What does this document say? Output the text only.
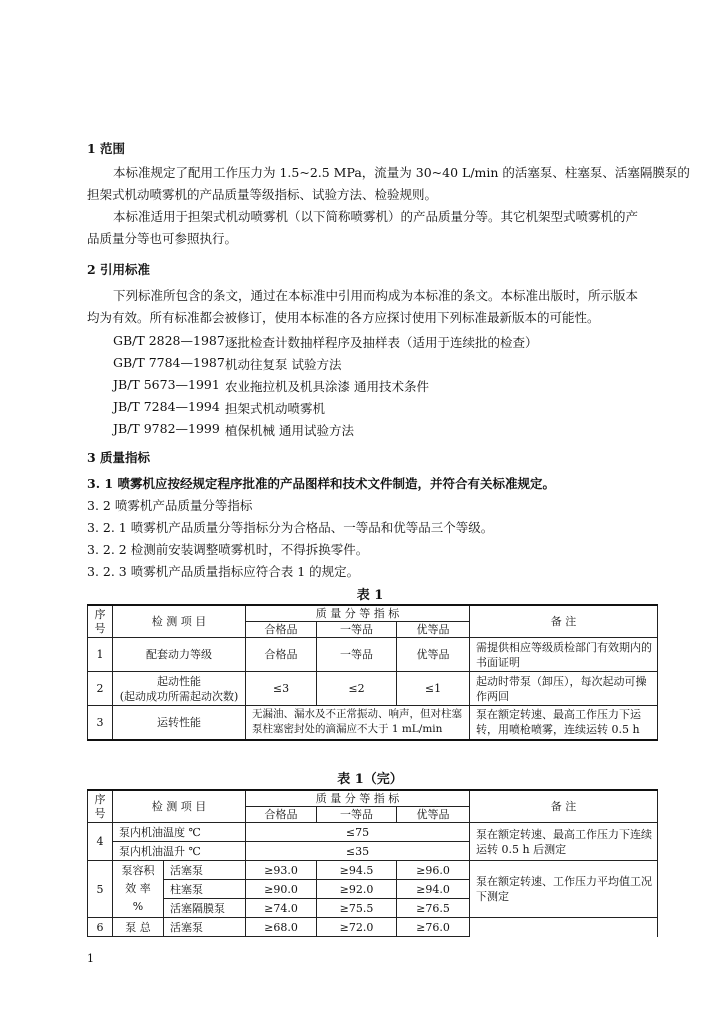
1 范围
本标准规定了配用工作压力为 1.5~2.5 MPa，流量为 30~40 L/min 的活塞泵、柱塞泵、活塞隔膜泵的
担架式机动喷雾机的产品质量等级指标、试验方法、检验规则。
本标准适用于担架式机动喷雾机（以下简称喷雾机）的产品质量分等。其它机架型式喷雾机的产
品质量分等也可参照执行。
2 引用标准
下列标准所包含的条文，通过在本标准中引用而构成为本标准的条文。本标准出版时，所示版本
均为有效。所有标准都会被修订，使用本标准的各方应探讨使用下列标准最新版本的可能性。
GB/T 2828—1987 逐批检查计数抽样程序及抽样表（适用于连续批的检查）
GB/T 7784—1987 机动往复泵 试验方法
JB/T 5673—1991 农业拖拉机及机具涂漆 通用技术条件
JB/T 7284—1994 担架式机动喷雾机
JB/T 9782—1999 植保机械 通用试验方法
3 质量指标
3. 1 喷雾机应按经规定程序批准的产品图样和技术文件制造，并符合有关标准规定。
3. 2 喷雾机产品质量分等指标
3. 2. 1 喷雾机产品质量分等指标分为合格品、一等品和优等品三个等级。
3. 2. 2 检测前安装调整喷雾机时，不得拆换零件。
3. 2. 3 喷雾机产品质量指标应符合表 1 的规定。
表 1
序
号	检 测 项 目	质 量 分 等 指 标			备 注
		合格品	一等品	优等品	
1	配套动力等级	合格品	一等品	优等品	需提供相应等级质检部门有效期内的书面证明
2	起动性能
(起动成功所需起动次数)	≤3	≤2	≤1	起动时带泵（卸压），每次起动可操作两回
3	运转性能	无漏油、漏水及不正常振动、响声，但对柱塞泵柱塞密封处的滴漏应不大于 1 mL/min			泵在额定转速、最高工作压力下运转，用喷枪喷雾，连续运转 0.5 h
表 1（完）
序
号	检 测 项 目		质 量 分 等 指 标			备 注
			合格品	一等品	优等品	
4	泵内机油温度 ℃		≤75			泵在额定转速、最高工作压力下连续运转 0.5 h 后测定
	泵内机油温升 ℃		≤35			
5	泵容积
效 率
%	活塞泵	≥93.0	≥94.5	≥96.0	泵在额定转速、工作压力平均值工况下测定
		柱塞泵	≥90.0	≥92.0	≥94.0	
		活塞隔膜泵	≥74.0	≥75.5	≥76.5	
6	泵 总	活塞泵	≥68.0	≥72.0	≥76.0	
1
